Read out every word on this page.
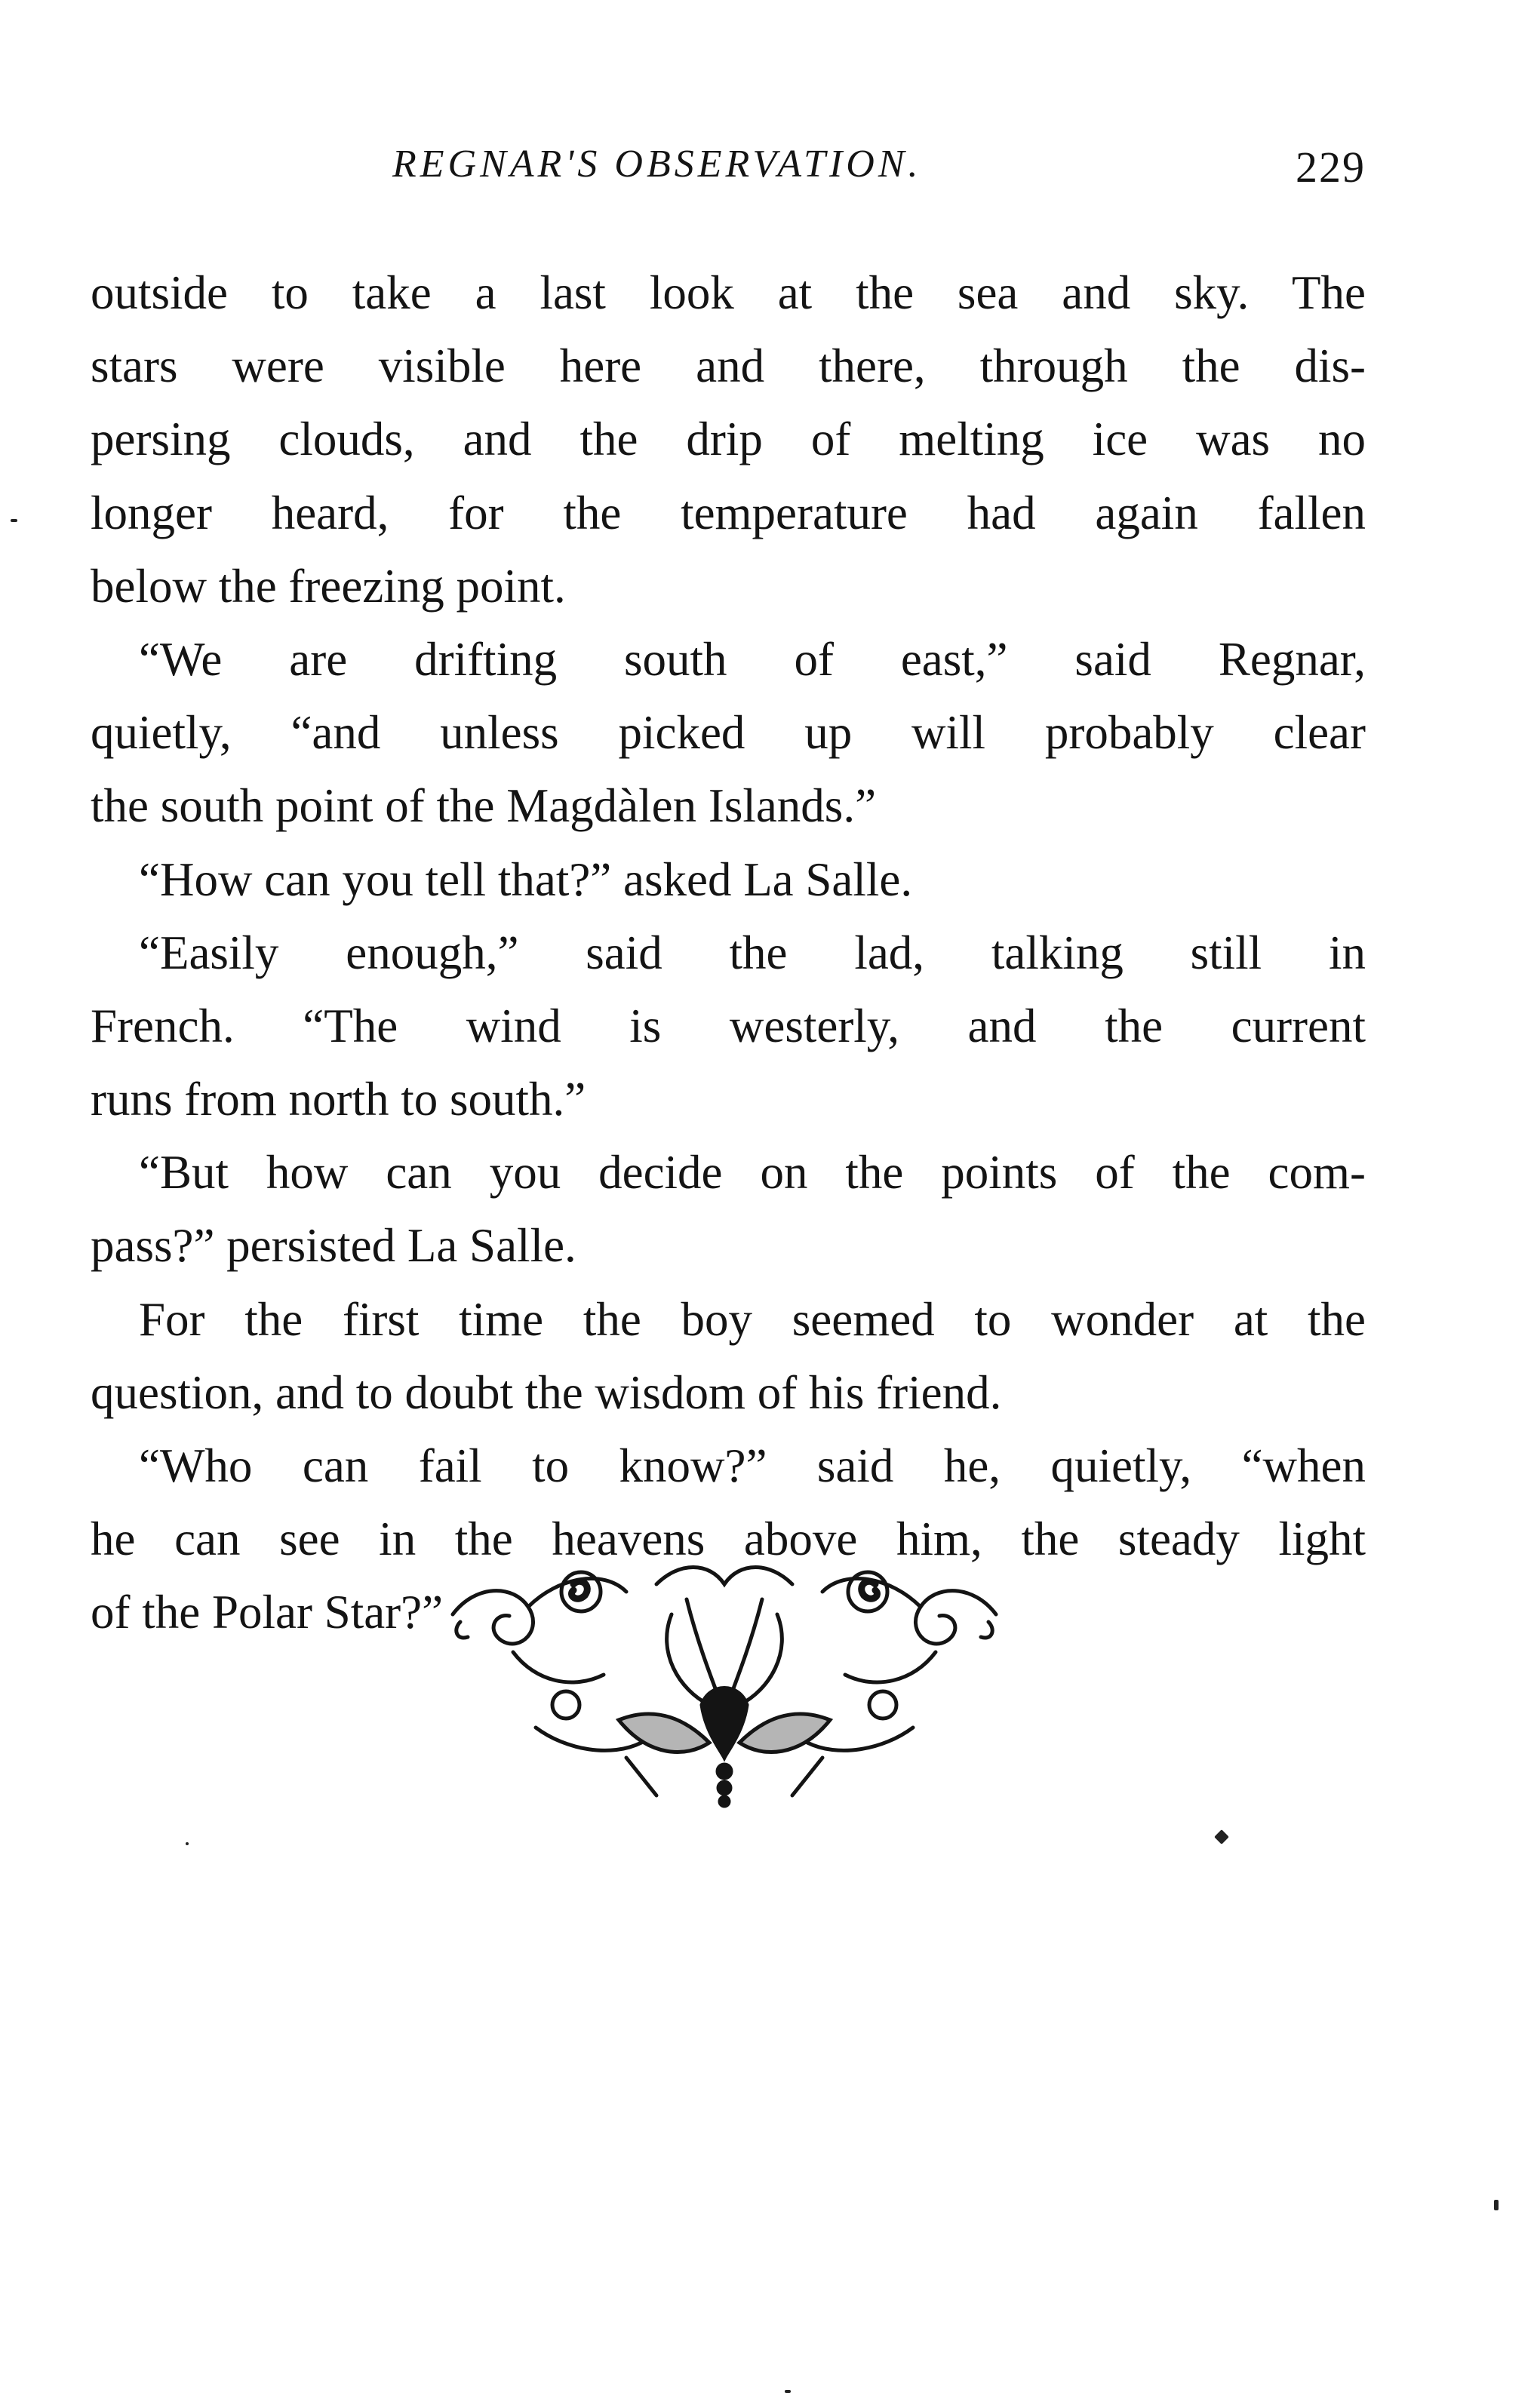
REGNAR'S OBSERVATION.	229
outside to take a last look at the sea and sky. The
stars were visible here and there, through the dis-
persing clouds, and the drip of melting ice was no
longer heard, for the temperature had again fallen
below the freezing point.
“We are drifting south of east,” said Regnar,
quietly, “and unless picked up will probably clear
the south point of the Magdàlen Islands.”
“How can you tell that?” asked La Salle.
“Easily enough,” said the lad, talking still in
French. “The wind is westerly, and the current
runs from north to south.”
“But how can you decide on the points of the com-
pass?” persisted La Salle.
For the first time the boy seemed to wonder at the
question, and to doubt the wisdom of his friend.
“Who can fail to know?” said he, quietly, “when
he can see in the heavens above him, the steady light
of the Polar Star?”
